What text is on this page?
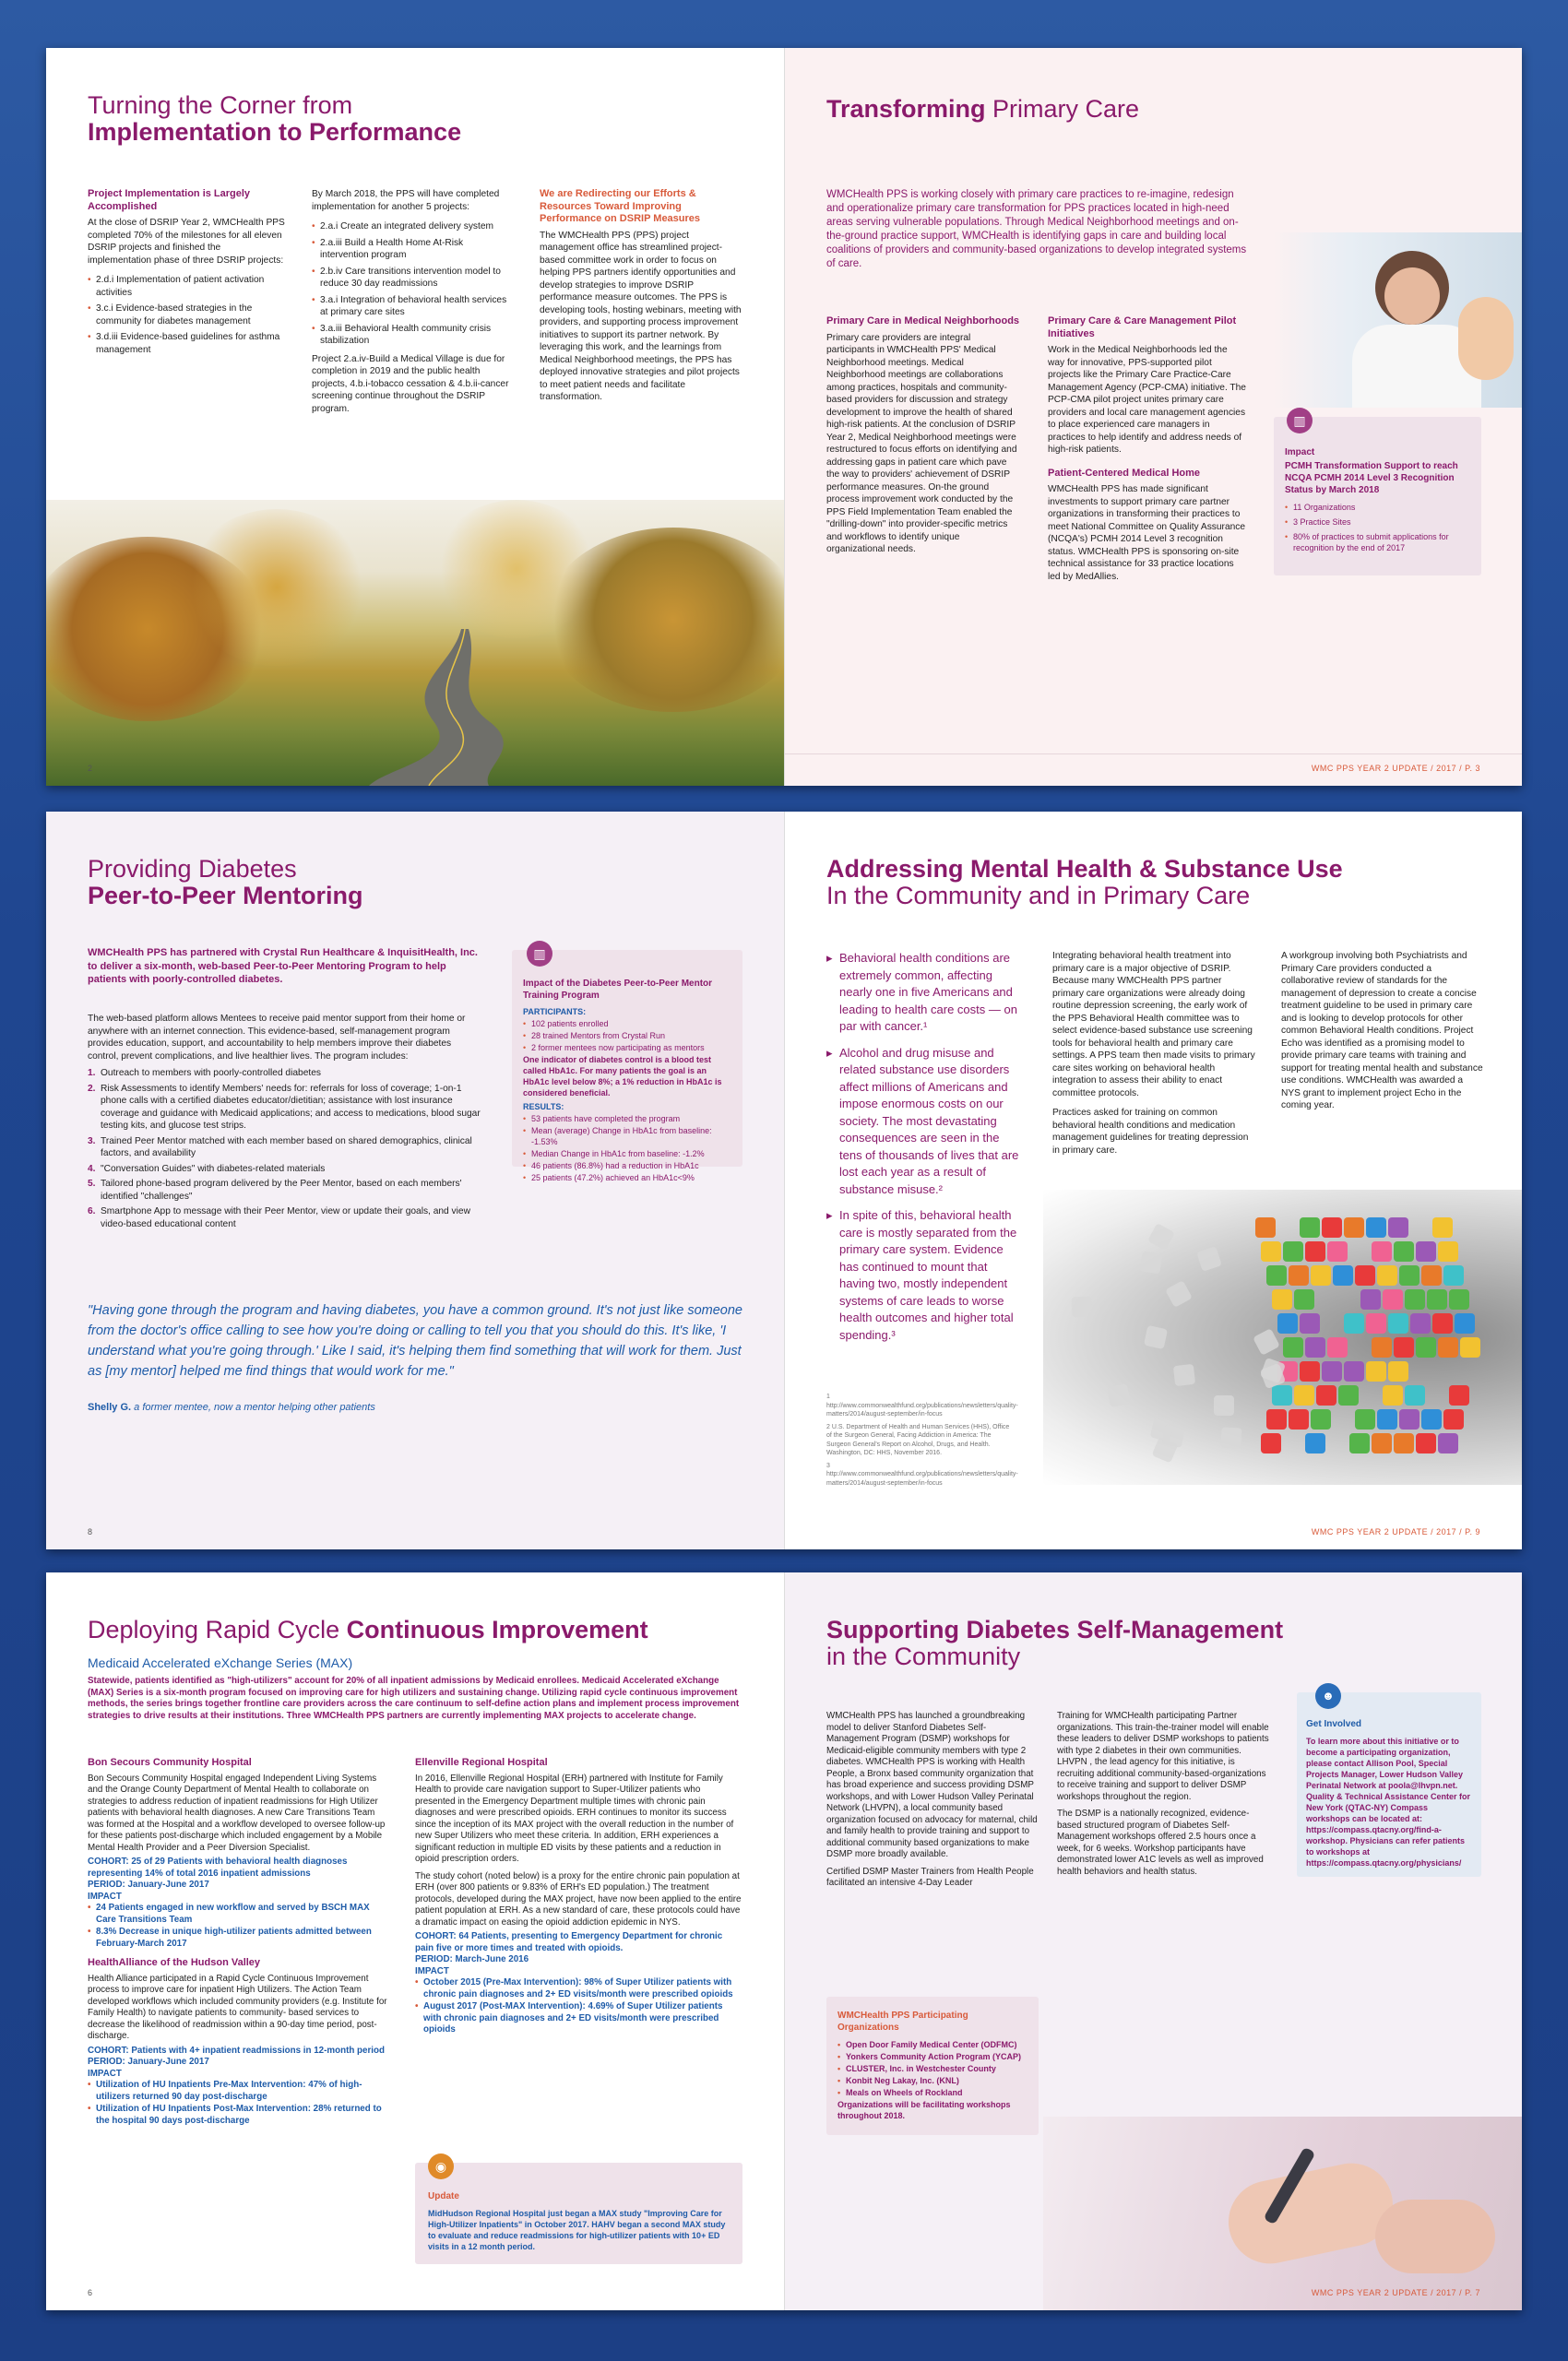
Turning the Corner from
Implementation to Performance
Project Implementation is Largely Accomplished

At the close of DSRIP Year 2, WMCHealth PPS completed 70% of the milestones for all eleven DSRIP projects and finished the implementation phase of three DSRIP projects:

• 2.d.i Implementation of patient activation activities
• 3.c.i Evidence-based strategies in the community for diabetes management
• 3.d.iii Evidence-based guidelines for asthma management

By March 2018, the PPS will have completed implementation for another 5 projects:

• 2.a.i Create an integrated delivery system
• 2.a.iii Build a Health Home At-Risk intervention program
• 2.b.iv Care transitions intervention model to reduce 30 day readmissions
• 3.a.i Integration of behavioral health services at primary care sites
• 3.a.iii Behavioral Health community crisis stabilization

Project 2.a.iv-Build a Medical Village is due for completion in 2019 and the public health projects, 4.b.i-tobacco cessation & 4.b.ii-cancer screening continue throughout the DSRIP program.

We are Redirecting our Efforts & Resources Toward Improving Performance on DSRIP Measures

The WMCHealth PPS (PPS) project management office has streamlined project-based committee work in order to focus on helping PPS partners identify opportunities and develop strategies to improve DSRIP performance measure outcomes. The PPS is developing tools, hosting webinars, meeting with providers, and supporting process improvement initiatives to support its partner network. By leveraging this work, and the learnings from Medical Neighborhood meetings, the PPS has deployed innovative strategies and pilot projects to meet patient needs and facilitate transformation.

2
Transforming Primary Care

WMCHealth PPS is working closely with primary care practices to re-imagine, redesign and operationalize primary care transformation for PPS practices located in high-need areas serving vulnerable populations. Through Medical Neighborhood meetings and on-the-ground practice support, WMCHealth is identifying gaps in care and building local coalitions of providers and community-based organizations to develop integrated systems of care.

Primary Care in Medical Neighborhoods

Primary care providers are integral participants in WMCHealth PPS' Medical Neighborhood meetings. Medical Neighborhood meetings are collaborations among practices, hospitals and community-based providers for discussion and strategy development to improve the health of shared high-risk patients. At the conclusion of DSRIP Year 2, Medical Neighborhood meetings were restructured to focus efforts on identifying and addressing gaps in patient care which pave the way to providers' achievement of DSRIP performance measures. On-the ground process improvement work conducted by the PPS Field Implementation Team enabled the "drilling-down" into provider-specific metrics and workflows to identify unique organizational needs.

Primary Care & Care Management Pilot Initiatives

Work in the Medical Neighborhoods led the way for innovative, PPS-supported pilot projects like the Primary Care Practice-Care Management Agency (PCP-CMA) initiative. The PCP-CMA pilot project unites primary care providers and local care management agencies to place experienced care managers in practices to help identify and address needs of high-risk patients.

Patient-Centered Medical Home

WMCHealth PPS has made significant investments to support primary care partner organizations in transforming their practices to meet National Committee on Quality Assurance (NCQA's) PCMH 2014 Level 3 recognition status. WMCHealth PPS is sponsoring on-site technical assistance for 33 practice locations led by MedAllies.

▥
Impact
PCMH Transformation Support to reach NCQA PCMH 2014 Level 3 Recognition Status by March 2018
• 11 Organizations
• 3 Practice Sites
• 80% of practices to submit applications for recognition by the end of 2017
WMC PPS YEAR 2 UPDATE / 2017 / P. 3
Providing Diabetes
Peer-to-Peer Mentoring

WMCHealth PPS has partnered with Crystal Run Healthcare & InquisitHealth, Inc. to deliver a six-month, web-based Peer-to-Peer Mentoring Program to help patients with poorly-controlled diabetes.

The web-based platform allows Mentees to receive paid mentor support from their home or anywhere with an internet connection. This evidence-based, self-management program provides education, support, and accountability to help members improve their diabetes control, prevent complications, and live healthier lives. The program includes:

Outreach to members with poorly-controlled diabetes
Risk Assessments to identify Members' needs for: referrals for loss of coverage; 1-on-1 phone calls with a certified diabetes educator/dietitian; assistance with lost insurance coverage and guidance with Medicaid applications; and access to medications, blood sugar testing kits, and glucose test strips.
Trained Peer Mentor matched with each member based on shared demographics, clinical factors, and availability
"Conversation Guides" with diabetes-related materials
Tailored phone-based program delivered by the Peer Mentor, based on each members' identified "challenges"
Smartphone App to message with their Peer Mentor, view or update their goals, and view video-based educational content
▥
Impact of the Diabetes Peer-to-Peer Mentor Training Program
PARTICIPANTS:
• 102 patients enrolled
• 28 trained Mentors from Crystal Run
• 2 former mentees now participating as mentors

One indicator of diabetes control is a blood test called HbA1c. For many patients the goal is an HbA1c level below 8%; a 1% reduction in HbA1c is considered beneficial.

RESULTS:
• 53 patients have completed the program
• Mean (average) Change in HbA1c from baseline: -1.53%
• Median Change in HbA1c from baseline: -1.2%
• 46 patients (86.8%) had a reduction in HbA1c
• 25 patients (47.2%) achieved an HbA1c<9%

"Having gone through the program and having diabetes, you have a common ground. It's not just like someone from the doctor's office calling to see how you're doing or calling to tell you that you should do this. It's like, 'I understand what you're going through.' Like I said, it's helping them find something that will work for them. Just as [my mentor] helped me find things that would work for me."

Shelly G. a former mentee, now a mentor helping other patients
8
Addressing Mental Health & Substance Use
In the Community and in Primary Care
▸ Behavioral health conditions are extremely common, affecting nearly one in five Americans and leading to health care costs — on par with cancer.¹
▸ Alcohol and drug misuse and related substance use disorders affect millions of Americans and impose enormous costs on our society. The most devastating consequences are seen in the tens of thousands of lives that are lost each year as a result of substance misuse.²
▸ In spite of this, behavioral health care is mostly separated from the primary care system. Evidence has continued to mount that having two, mostly independent systems of care leads to worse health outcomes and higher total spending.³

Integrating behavioral health treatment into primary care is a major objective of DSRIP. Because many WMCHealth PPS partner primary care organizations were already doing routine depression screening, the early work of the PPS Behavioral Health committee was to select evidence-based substance use screening tools for behavioral health and primary care settings. A PPS team then made visits to primary care sites working on behavioral health integration to assess their ability to enact committee protocols.

Practices asked for training on common behavioral health conditions and medication management guidelines for treating depression in primary care.

A workgroup involving both Psychiatrists and Primary Care providers conducted a collaborative review of standards for the management of depression to create a concise treatment guideline to be used in primary care and is looking to develop protocols for other common Behavioral Health conditions. Project Echo was identified as a promising model to provide primary care teams with training and support for treating mental health and substance use conditions. WMCHealth was awarded a NYS grant to implement project Echo in the coming year.

1 http://www.commonwealthfund.org/publications/newsletters/quality-matters/2014/august-september/in-focus

2 U.S. Department of Health and Human Services (HHS), Office of the Surgeon General, Facing Addiction in America: The Surgeon General's Report on Alcohol, Drugs, and Health. Washington, DC: HHS, November 2016.

3 http://www.commonwealthfund.org/publications/newsletters/quality-matters/2014/august-september/in-focus

WMC PPS YEAR 2 UPDATE / 2017 / P. 9
Deploying Rapid Cycle Continuous Improvement
Medicaid Accelerated eXchange Series (MAX)

Statewide, patients identified as "high-utilizers" account for 20% of all inpatient admissions by Medicaid enrollees. Medicaid Accelerated eXchange (MAX) Series is a six-month program focused on improving care for high utilizers and sustaining change. Utilizing rapid cycle continuous improvement methods, the series brings together frontline care providers across the care continuum to self-define action plans and implement process improvement strategies to drive results at their institutions. Three WMCHealth PPS partners are currently implementing MAX projects to accelerate change.

Bon Secours Community Hospital

Bon Secours Community Hospital engaged Independent Living Systems and the Orange County Department of Mental Health to collaborate on strategies to address reduction of inpatient readmissions for High Utilizer patients with behavioral health diagnoses. A new Care Transitions Team was formed at the Hospital and a workflow developed to oversee follow-up for these patients post-discharge which included engagement by a Mobile Mental Health Provider and a Peer Diversion Specialist.

COHORT: 25 of 29 Patients with behavioral health diagnoses representing 14% of total 2016 inpatient admissions

PERIOD: January-June 2017

IMPACT

• 24 Patients engaged in new workflow and served by BSCH MAX Care Transitions Team
• 8.3% Decrease in unique high-utilizer patients admitted between February-March 2017
HealthAlliance of the Hudson Valley

Health Alliance participated in a Rapid Cycle Continuous Improvement process to improve care for inpatient High Utilizers. The Action Team developed workflows which included community providers (e.g. Institute for Family Health) to navigate patients to community- based services to decrease the likelihood of readmission within a 90-day time period, post-discharge.

COHORT: Patients with 4+ inpatient readmissions in 12-month period

PERIOD: January-June 2017

IMPACT

• Utilization of HU Inpatients Pre-Max Intervention: 47% of high-utilizers returned 90 day post-discharge
• Utilization of HU Inpatients Post-Max Intervention: 28% returned to the hospital 90 days post-discharge
Ellenville Regional Hospital

In 2016, Ellenville Regional Hospital (ERH) partnered with Institute for Family Health to provide care navigation support to Super-Utilizer patients who presented in the Emergency Department multiple times with chronic pain diagnoses and were prescribed opioids. ERH continues to monitor its success since the inception of its MAX project with the overall reduction in the number of new Super Utilizers who meet these criteria. In addition, ERH experiences a significant reduction in multiple ED visits by these patients and a reduction in opioid prescription orders.

The study cohort (noted below) is a proxy for the entire chronic pain population at ERH (over 800 patients or 9.83% of ERH's ED population.) The treatment protocols, developed during the MAX project, have now been applied to the entire patient population at ERH. As a new standard of care, these protocols could have a dramatic impact on easing the opioid addiction epidemic in NYS.

COHORT: 64 Patients, presenting to Emergency Department for chronic pain five or more times and treated with opioids.

PERIOD: March-June 2016

IMPACT

• October 2015 (Pre-Max Intervention): 98% of Super Utilizer patients with chronic pain diagnoses and 2+ ED visits/month were prescribed opioids
• August 2017 (Post-MAX Intervention): 4.69% of Super Utilizer patients with chronic pain diagnoses and 2+ ED visits/month were prescribed opioids
◉
Update

MidHudson Regional Hospital just began a MAX study "Improving Care for High-Utilizer Inpatients" in October 2017. HAHV began a second MAX study to evaluate and reduce readmissions for high-utilizer patients with 10+ ED visits in a 12 month period.

6
Supporting Diabetes Self-Management
in the Community

WMCHealth PPS has launched a groundbreaking model to deliver Stanford Diabetes Self-Management Program (DSMP) workshops for Medicaid-eligible community members with type 2 diabetes. WMCHealth PPS is working with Health People, a Bronx based community organization that has broad experience and success providing DSMP workshops, and with Lower Hudson Valley Perinatal Network (LHVPN), a local community based organization focused on advocacy for maternal, child and family health to provide training and support to additional community based organizations to make DSMP more broadly available.

Certified DSMP Master Trainers from Health People facilitated an intensive 4-Day Leader

Training for WMCHealth participating Partner organizations. This train-the-trainer model will enable these leaders to deliver DSMP workshops to patients with type 2 diabetes in their own communities. LHVPN , the lead agency for this initiative, is recruiting additional community-based-organizations to receive training and support to deliver DSMP workshops throughout the region.

The DSMP is a nationally recognized, evidence-based structured program of Diabetes Self-Management workshops offered 2.5 hours once a week, for 6 weeks. Workshop participants have demonstrated lower A1C levels as well as improved health behaviors and health status.

☻
Get Involved

To learn more about this initiative or to become a participating organization, please contact Allison Pool, Special Projects Manager, Lower Hudson Valley Perinatal Network at poola@lhvpn.net. Quality & Technical Assistance Center for New York (QTAC-NY) Compass workshops can be located at: https://compass.qtacny.org/find-a-workshop. Physicians can refer patients to workshops at https://compass.qtacny.org/physicians/

WMCHealth PPS Participating Organizations
• Open Door Family Medical Center (ODFMC)
• Yonkers Community Action Program (YCAP)
• CLUSTER, Inc. in Westchester County
• Konbit Neg Lakay, Inc. (KNL)
• Meals on Wheels of Rockland

Organizations will be facilitating workshops throughout 2018.

WMC PPS YEAR 2 UPDATE / 2017 / P. 7
